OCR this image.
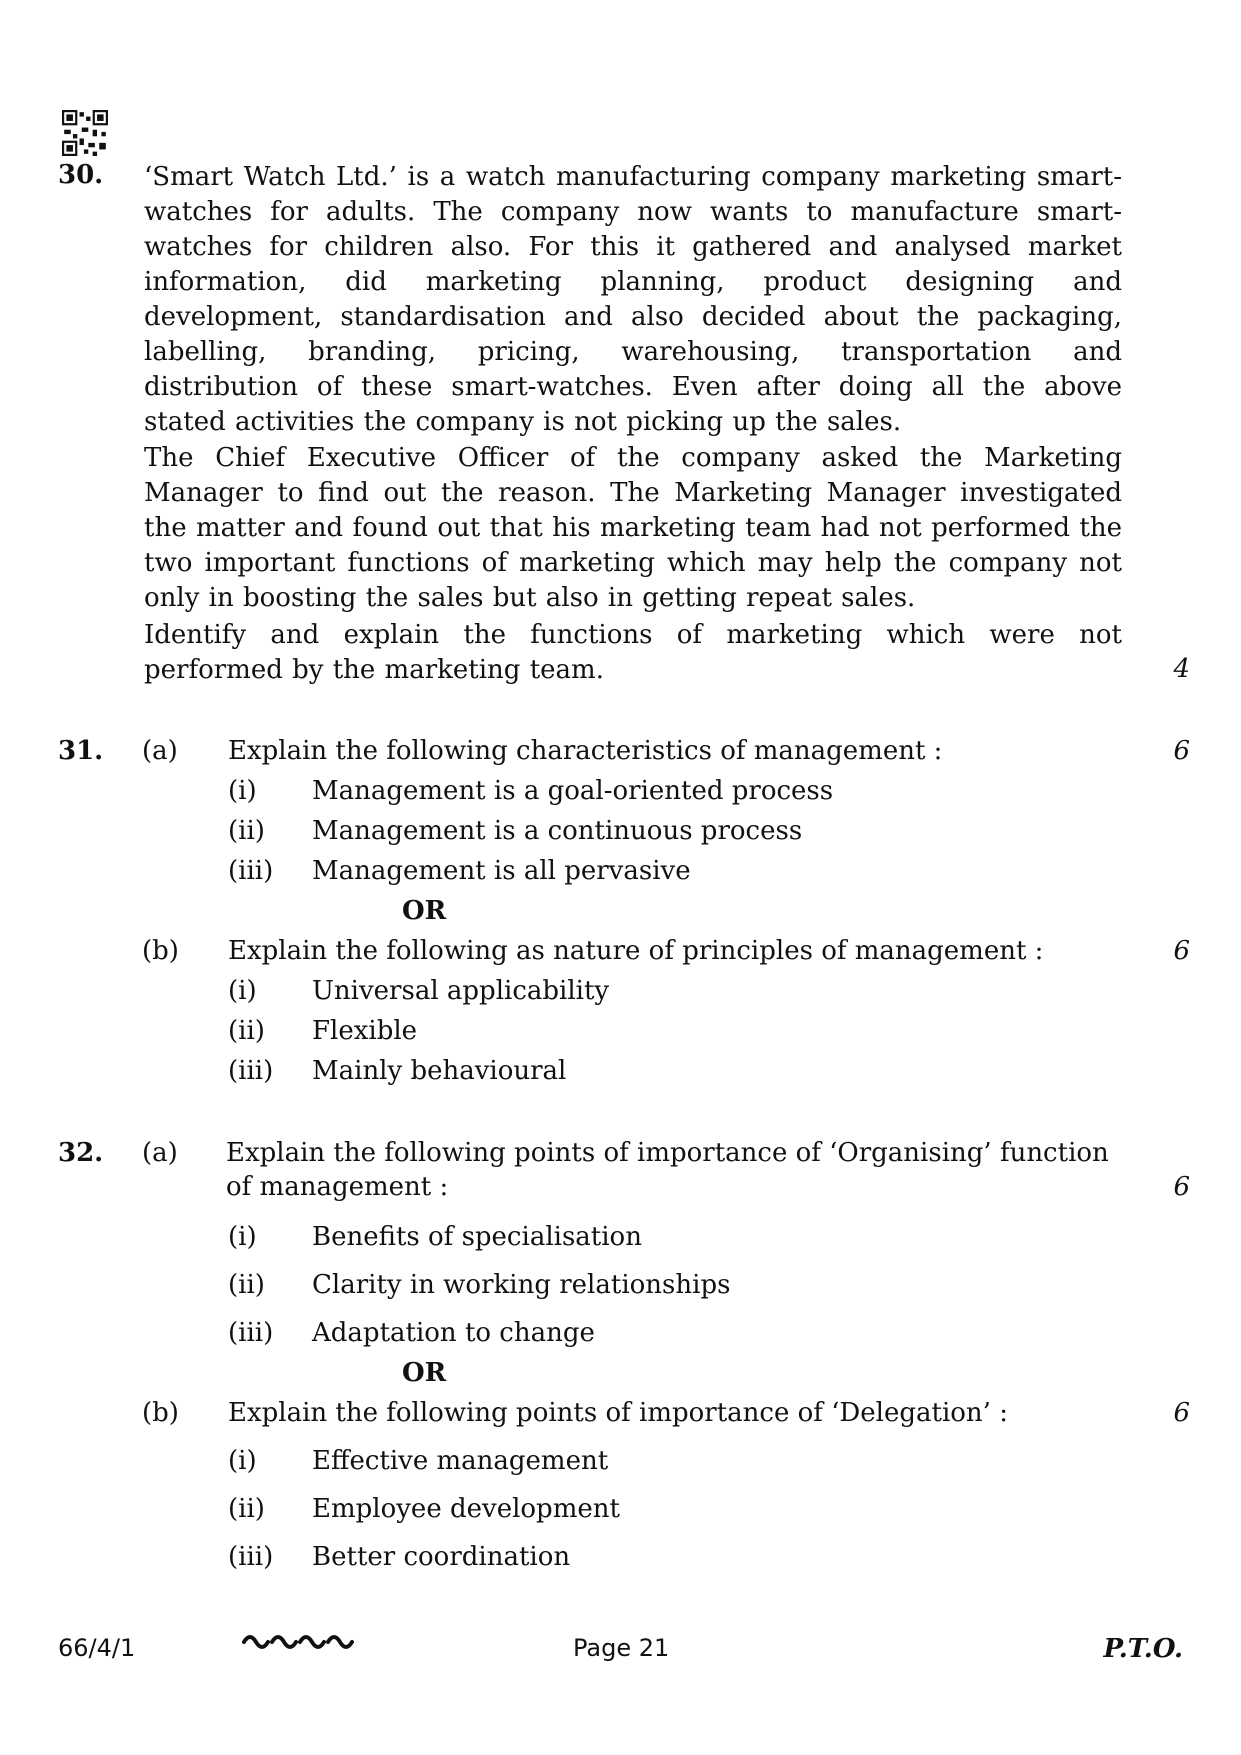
30. ‘Smart Watch Ltd.’ is a watch manufacturing company marketing smart-watches for adults. The company now wants to manufacture smart-watches for children also. For this it gathered and analysed market information, did marketing planning, product designing and development, standardisation and also decided about the packaging, labelling, branding, pricing, warehousing, transportation and distribution of these smart-watches. Even after doing all the above stated activities the company is not picking up the sales.
The Chief Executive Officer of the company asked the Marketing Manager to find out the reason. The Marketing Manager investigated the matter and found out that his marketing team had not performed the two important functions of marketing which may help the company not only in boosting the sales but also in getting repeat sales.
Identify and explain the functions of marketing which were not performed by the marketing team.	4
31. (a) Explain the following characteristics of management :	6
(i) Management is a goal-oriented process
(ii) Management is a continuous process
(iii) Management is all pervasive
OR
(b) Explain the following as nature of principles of management :	6
(i) Universal applicability
(ii) Flexible
(iii) Mainly behavioural
32. (a) Explain the following points of importance of ‘Organising’ function
of management :	6
(i) Benefits of specialisation
(ii) Clarity in working relationships
(iii) Adaptation to change
OR
(b) Explain the following points of importance of ‘Delegation’ :	6
(i) Effective management
(ii) Employee development
(iii) Better coordination
66/4/1	Page 21	P.T.O.
